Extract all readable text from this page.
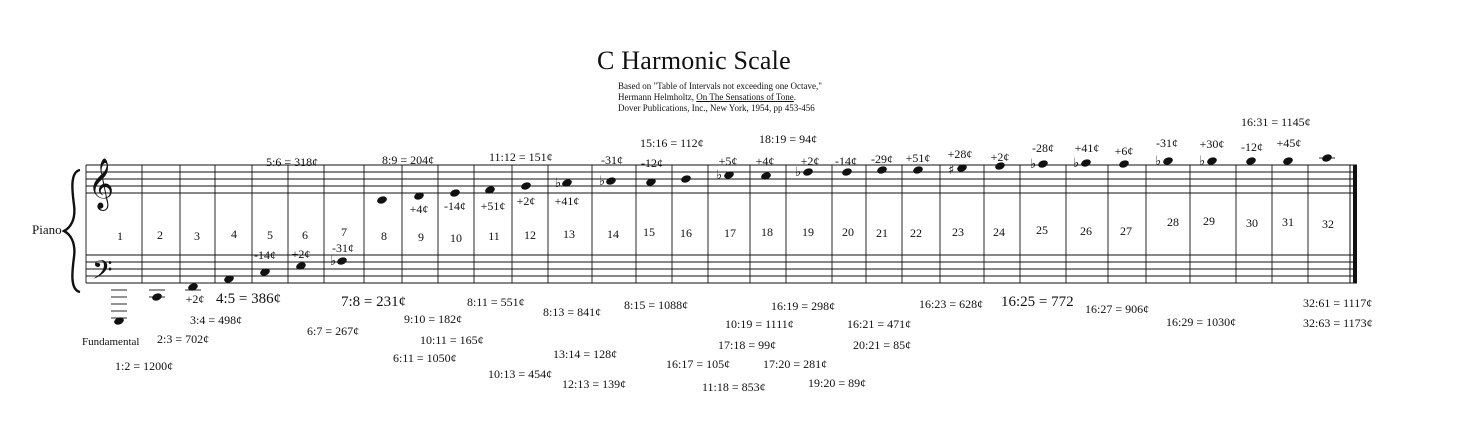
𝄞
𝄢	♭
♭	♭	♭	♭	♯	♭	♭	♭	♭
C Harmonic Scale
Based on "Table of Intervals not exceeding one Octave,"
Hermann Helmholtz, On The Sensations of Tone.
Dover Publications, Inc., New York, 1954, pp 453-456
Piano	1	2	3	4	5 6	7	8	9 10 11 12 13	14 15 16	17 18 19 20 21 22	23 24	25	26 27
28 29	30 31 32
+2¢
-14¢ +2¢ -31¢
+4¢ -14¢ +51¢ +2¢ +41¢
-31¢ -12¢	+5¢ +4¢ +2¢ -14¢ -29¢ +51¢ +28¢ +2¢
-28¢ +41¢ +6¢
-31¢ +30¢ -12¢ +45¢
5:6 = 318¢	8:9 = 204¢	11:12 = 151¢
15:16 = 112¢	18:19 = 94¢
16:31 = 1145¢
4:5 = 386¢
3:4 = 498¢
2:3 = 702¢
Fundamental
1:2 = 1200¢
7:8 = 231¢
6:7 = 267¢
9:10 = 182¢
10:11 = 165¢
6:11 = 1050¢
8:11 = 551¢
8:13 = 841¢
10:13 = 454¢
13:14 = 128¢
12:13 = 139¢
8:15 = 1088¢
16:17 = 105¢
10:19 = 1111¢
17:18 = 99¢
11:18 = 853¢
16:19 = 298¢
17:20 = 281¢
19:20 = 89¢
16:21 = 471¢
20:21 = 85¢
16:23 = 628¢ 16:25 = 772 16:27 = 906¢
16:29 = 1030¢
32:61 = 1117¢
32:63 = 1173¢
